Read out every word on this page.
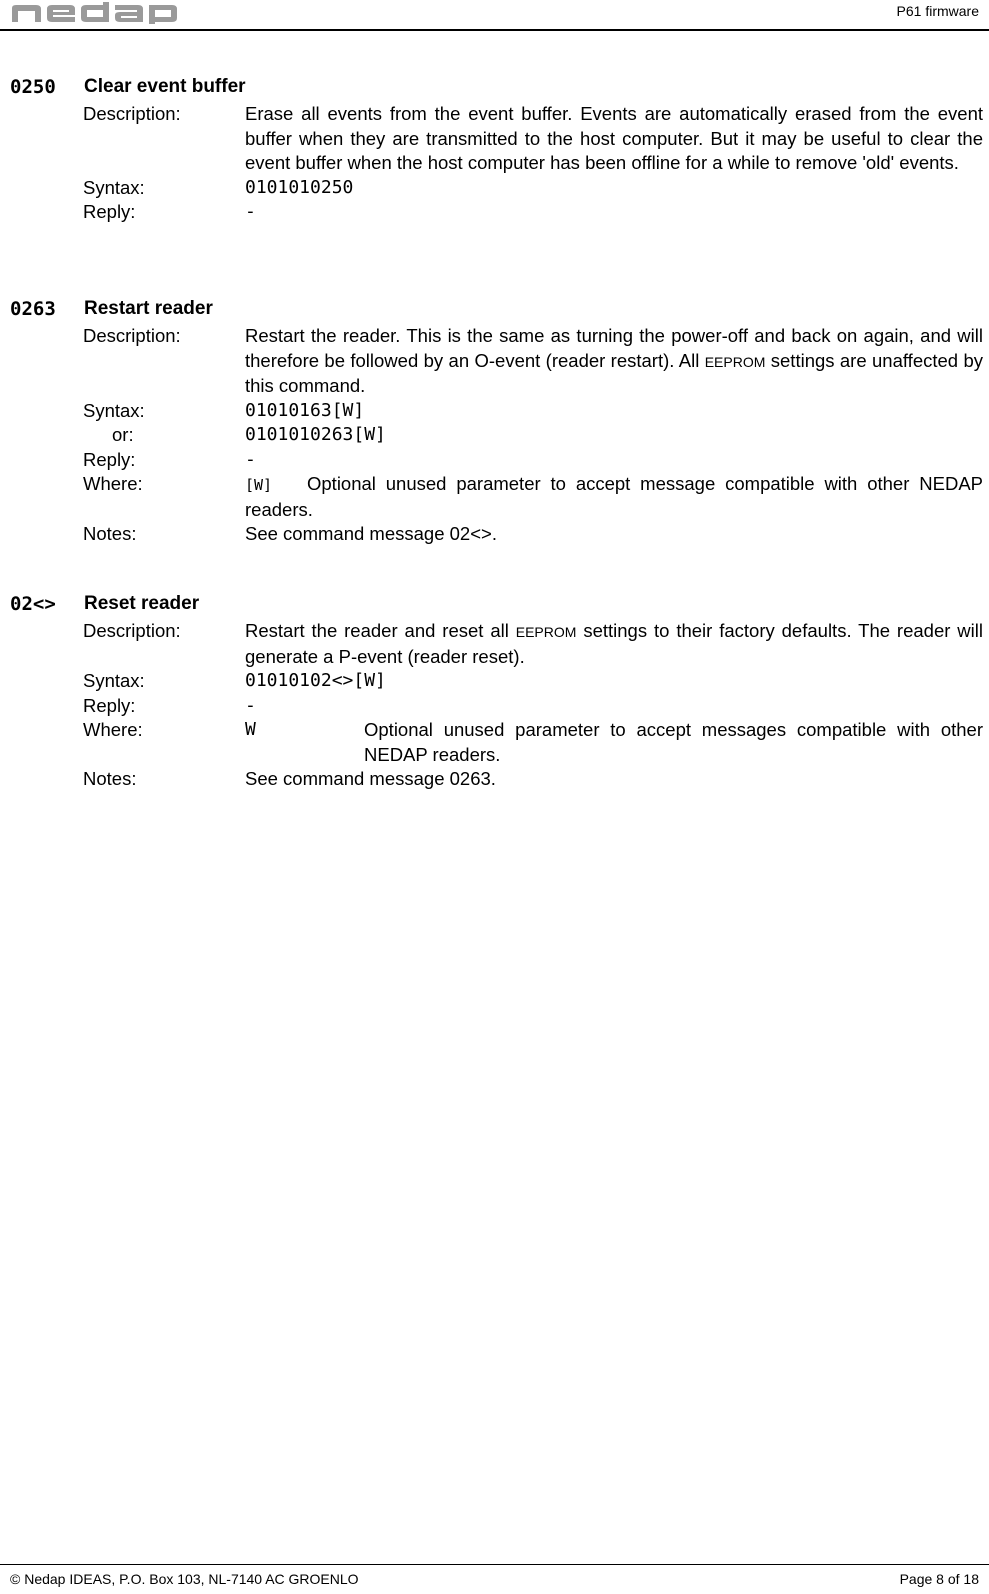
P61 firmware
0250 Clear event buffer
Description:	Erase all events from the event buffer. Events are automatically erased from the event buffer when they are transmitted to the host computer. But it may be useful to clear the event buffer when the host computer has been offline for a while to remove 'old' events.
Syntax:	0101010250
Reply:	-
0263 Restart reader
Description:	Restart the reader. This is the same as turning the power-off and back on again, and will therefore be followed by an O-event (reader restart). All EEPROM settings are unaffected by this command.
Syntax:	01010163[W]
or:	0101010263[W]
Reply:	-
Where:	[W] Optional unused parameter to accept message compatible with other NEDAP readers.
Notes:	See command message 02<>.
02<> Reset reader
Description:	Restart the reader and reset all EEPROM settings to their factory defaults. The reader will generate a P-event (reader reset).
Syntax:	01010102<>[W]
Reply:	-
Where:	W	Optional unused parameter to accept messages compatible with other NEDAP readers.
Notes:	See command message 0263.
© Nedap IDEAS, P.O. Box 103, NL-7140 AC GROENLO	Page 8 of 18
